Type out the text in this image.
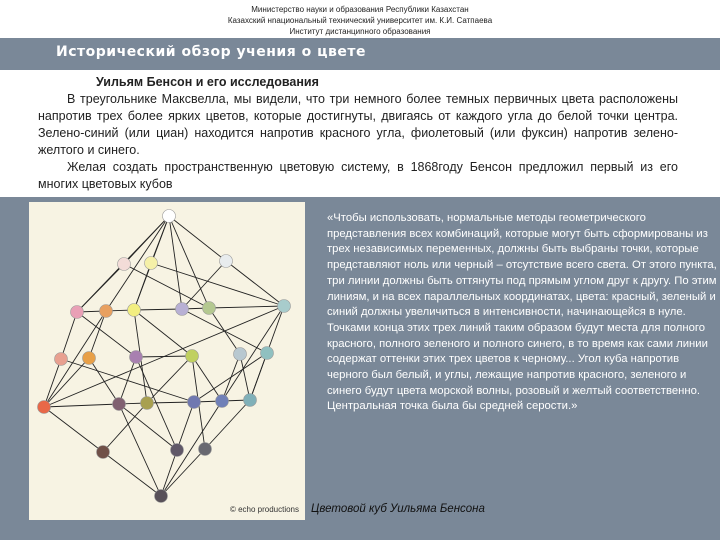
Министерство науки и образования Республики Казахстан
Казахский нnациональный технический университет им. К.И. Сатпаева
Институт дистанциnного образования
Исторический обзор учения о цвете

Уильям Бенсон и его исследования

В треугольнике Максвелла, мы видели, что три немного более темных первичных цвета расположены напротив трех более ярких цветов, которые достигнуты, двигаясь от каждого угла до белой точки центра. Зелено-синий (или циан) находится напротив красного угла, фиолетовый (или фуксин) напротив зелено-желтого и синего.

Желая создать пространственную цветовую систему, в 1868году Бенсон предложил первый из его многих цветовых кубов

© echo productions
«Чтобы использовать, нормальные методы геометрического представления всех комбинаций, которые могут быть сформированы из трех независимых переменных, должны быть выбраны точки, которые представляют ноль или черный – отсутствие всего света. От этого пункта, три линии должны быть оттянуты под прямым углом друг к другу. По этим линиям, и на всех параллельных координатах, цвета: красный, зеленый и синий должны увеличиться в интенсивности, начинающейся в нуле. Точками конца этих трех линий таким образом будут места для полного красного, полного зеленого и полного синего, в то время как сами линии содержат оттенки этих трех цветов к черному... Угол куба напротив черного был белый, и углы, лежащие напротив красного, зеленого и синего будут цвета морской волны, розовый и желтый соответственно. Центральная точка была бы средней серости.»
Цветовой куб Уильяма Бенсона
